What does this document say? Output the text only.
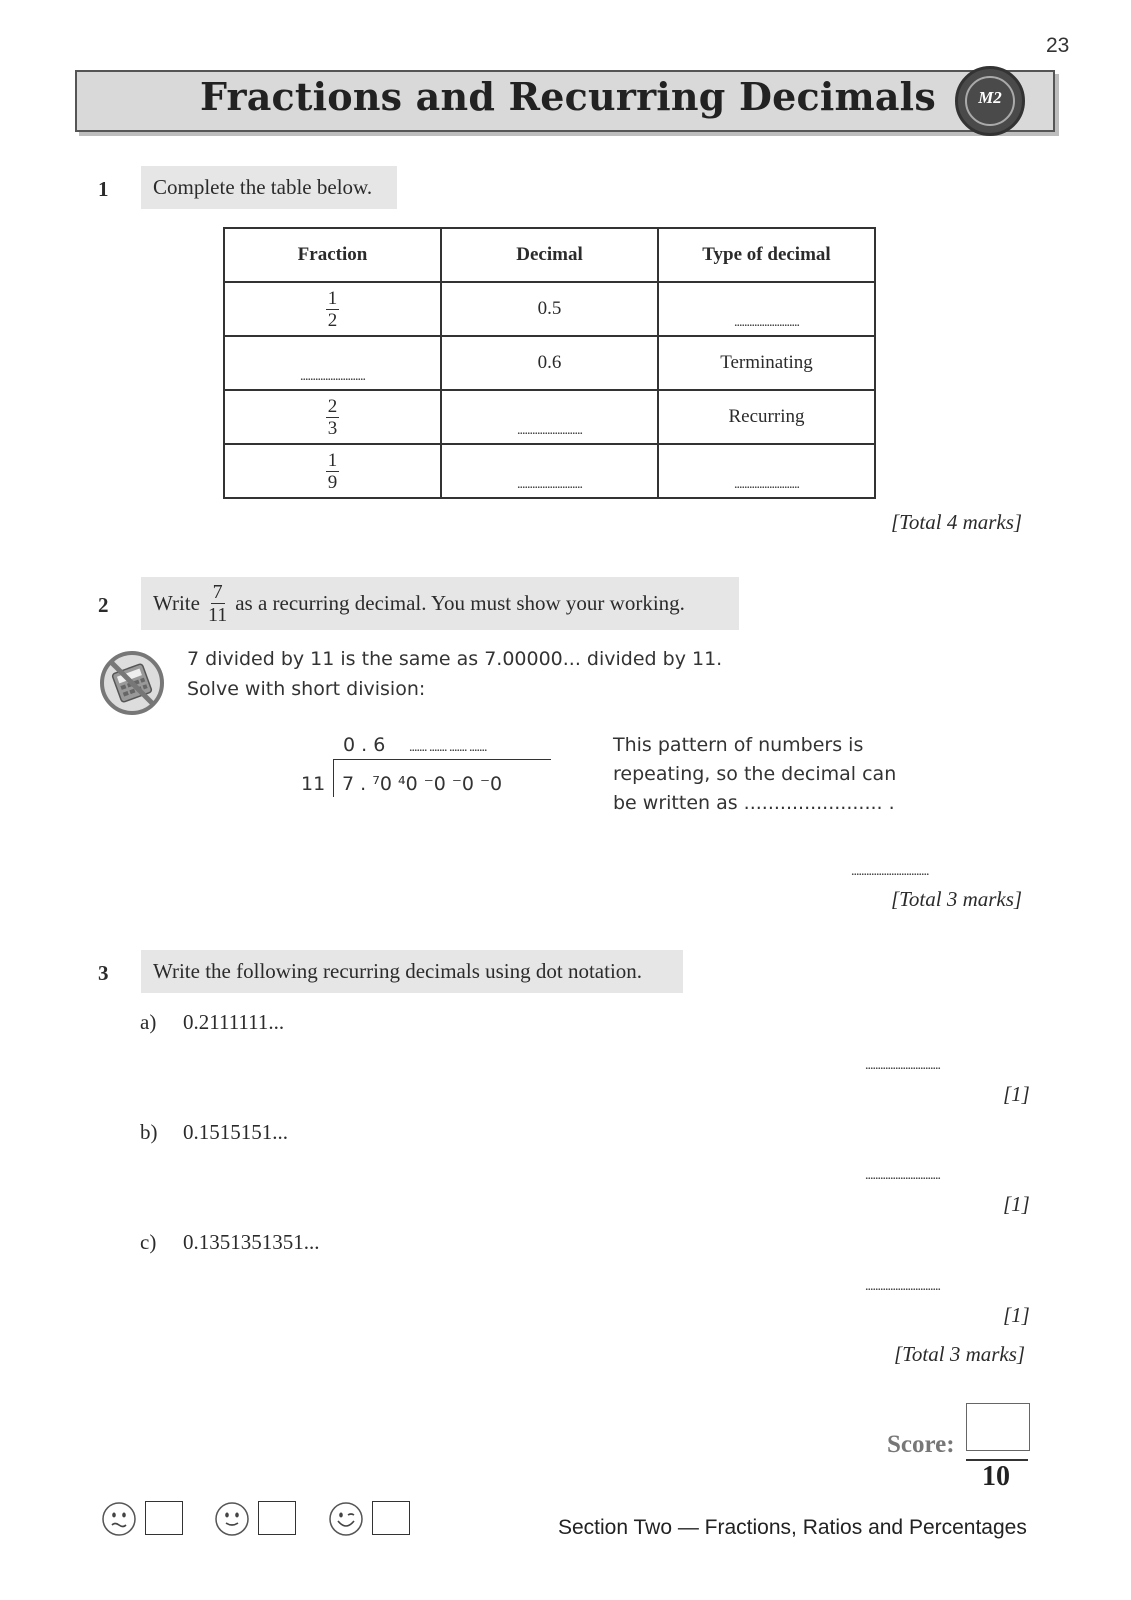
23
Fractions and Recurring Decimals	M2
1	Complete the table below.
Fraction	Decimal	Type of decimal

$\frac{1}{2}$	0.5	..........................

..........................	0.6	Terminating

$\frac{2}{3}$	..........................	Recurring

$\frac{1}{9}$	..........................	..........................
[Total 4 marks]
2 Write $\frac{7}{11}$ as a recurring decimal. You must show your working.
7 divided by 11 is the same as 7.00000... divided by 11.
Solve with short division:
0 . 6 ....... ....... ....... .......
11 7 . ⁷0 ⁴0 ⁻0 ⁻0 ⁻0
This pattern of numbers is
repeating, so the decimal can
be written as ....................... .
...............................
[Total 3 marks]
3	Write the following recurring decimals using dot notation.
a) 0.2111111...
..............................
[1]
b) 0.1515151...
..............................
[1]
c) 0.1351351351...
..............................
[1]
[Total 3 marks]
Score:
10
Section Two — Fractions, Ratios and Percentages
